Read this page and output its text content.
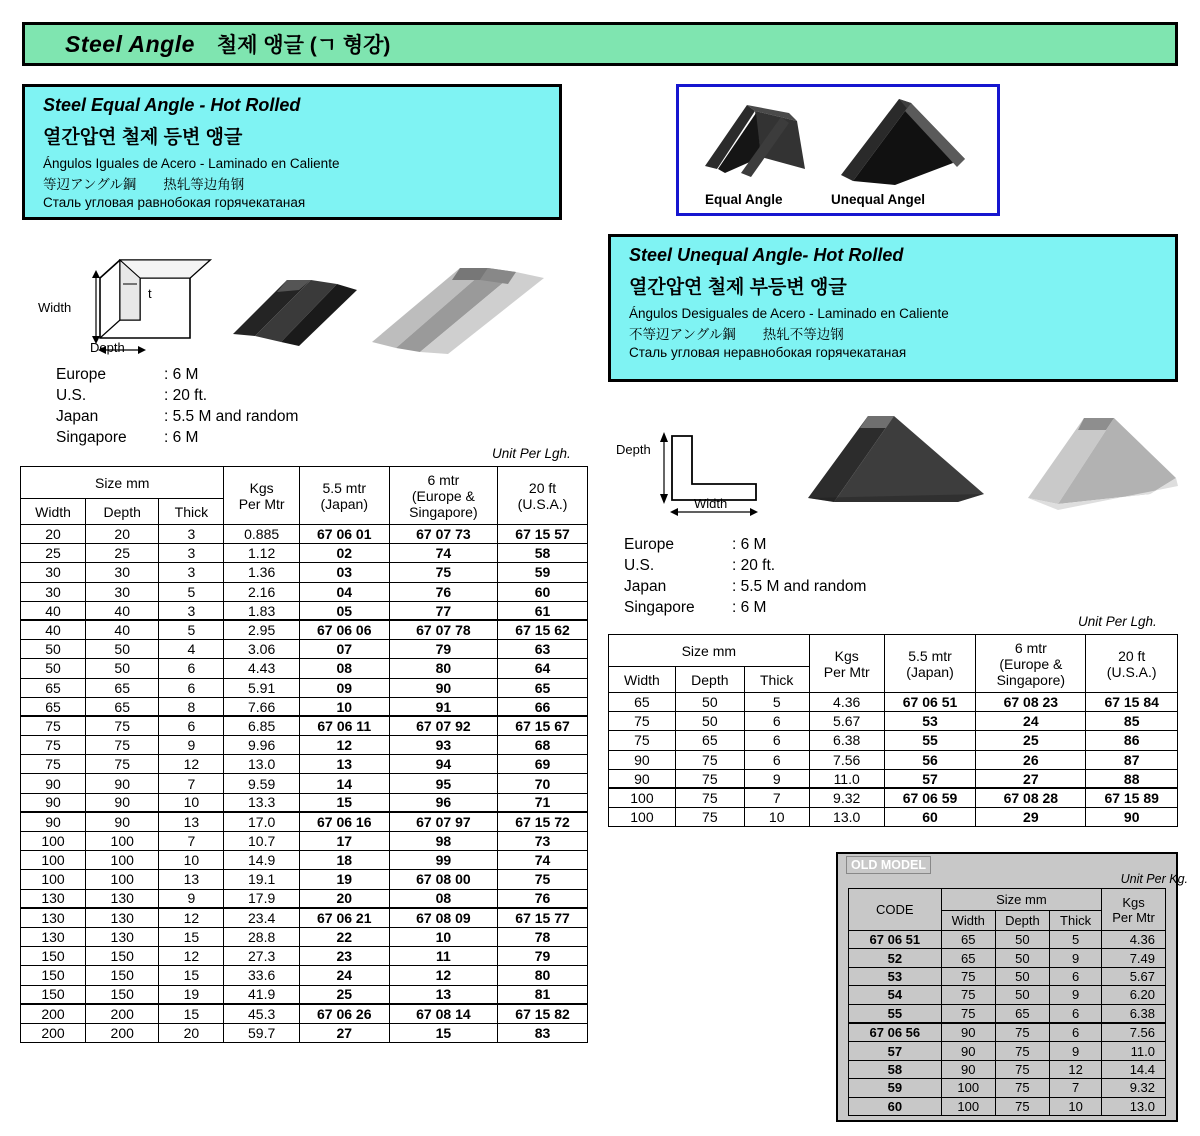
Steel Angle	철제 앵글 (ㄱ 형강)
Steel Equal Angle - Hot Rolled
열간압연 철제 등변 앵글
Ángulos Iguales de Acero - Laminado en Caliente
等辺アングル鋼　　热轧等边角钢
Сталь угловая равнобокая горячекатаная	Equal Angle	Unequal Angel
Steel Unequal Angle- Hot Rolled
열간압연 철제 부등변 앵글
Ángulos Desiguales de Acero - Laminado en Caliente
不等辺アングル鋼　　热轧不等边钢
Сталь угловая неравнобокая горячекатаная
Width
Depth
t
Europe	: 6 M
U.S.	: 20 ft.
Japan	: 5.5 M and random
Singapore	: 6 M
Unit Per Lgh.
Size mm	Kgs
Per Mtr

5.5 mtr
(Japan)

6 mtr
(Europe &
Singapore)

20 ft
(U.S.A.)

Width	Depth	Thick				
20	20	3	0.885	67 06 01	67 07 73	67 15 57
25	25	3	1.12	02	74	58
30	30	3	1.36	03	75	59
30	30	5	2.16	04	76	60
40	40	3	1.83	05	77	61
40	40	5	2.95	67 06 06	67 07 78	67 15 62
50	50	4	3.06	07	79	63
50	50	6	4.43	08	80	64
65	65	6	5.91	09	90	65
65	65	8	7.66	10	91	66
75	75	6	6.85	67 06 11	67 07 92	67 15 67
75	75	9	9.96	12	93	68
75	75	12	13.0	13	94	69
90	90	7	9.59	14	95	70
90	90	10	13.3	15	96	71
90	90	13	17.0	67 06 16	67 07 97	67 15 72
100	100	7	10.7	17	98	73
100	100	10	14.9	18	99	74
100	100	13	19.1	19	67 08 00	75
130	130	9	17.9	20	08	76
130	130	12	23.4	67 06 21	67 08 09	67 15 77
130	130	15	28.8	22	10	78
150	150	12	27.3	23	11	79
150	150	15	33.6	24	12	80
150	150	19	41.9	25	13	81
200	200	15	45.3	67 06 26	67 08 14	67 15 82
200	200	20	59.7	27	15	83
Depth
Width
Europe	: 6 M
U.S.	: 20 ft.
Japan	: 5.5 M and random
Singapore	: 6 M
Unit Per Lgh.
Size mm	Kgs
Per Mtr

5.5 mtr
(Japan)

6 mtr
(Europe &
Singapore)

20 ft
(U.S.A.)

Width	Depth	Thick				
65	50	5	4.36	67 06 51	67 08 23	67 15 84
75	50	6	5.67	53	24	85
75	65	6	6.38	55	25	86
90	75	6	7.56	56	26	87
90	75	9	11.0	57	27	88
100	75	7	9.32	67 06 59	67 08 28	67 15 89
100	75	10	13.0	60	29	90
OLD MODEL
Unit Per Kg.
CODE	Size mm			Kgs
Per Mtr

	Width	Depth	Thick	
67 06 51	65	50	5	4.36
52	65	50	9	7.49
53	75	50	6	5.67
54	75	50	9	6.20
55	75	65	6	6.38
67 06 56	90	75	6	7.56
57	90	75	9	11.0
58	90	75	12	14.4
59	100	75	7	9.32
60	100	75	10	13.0
